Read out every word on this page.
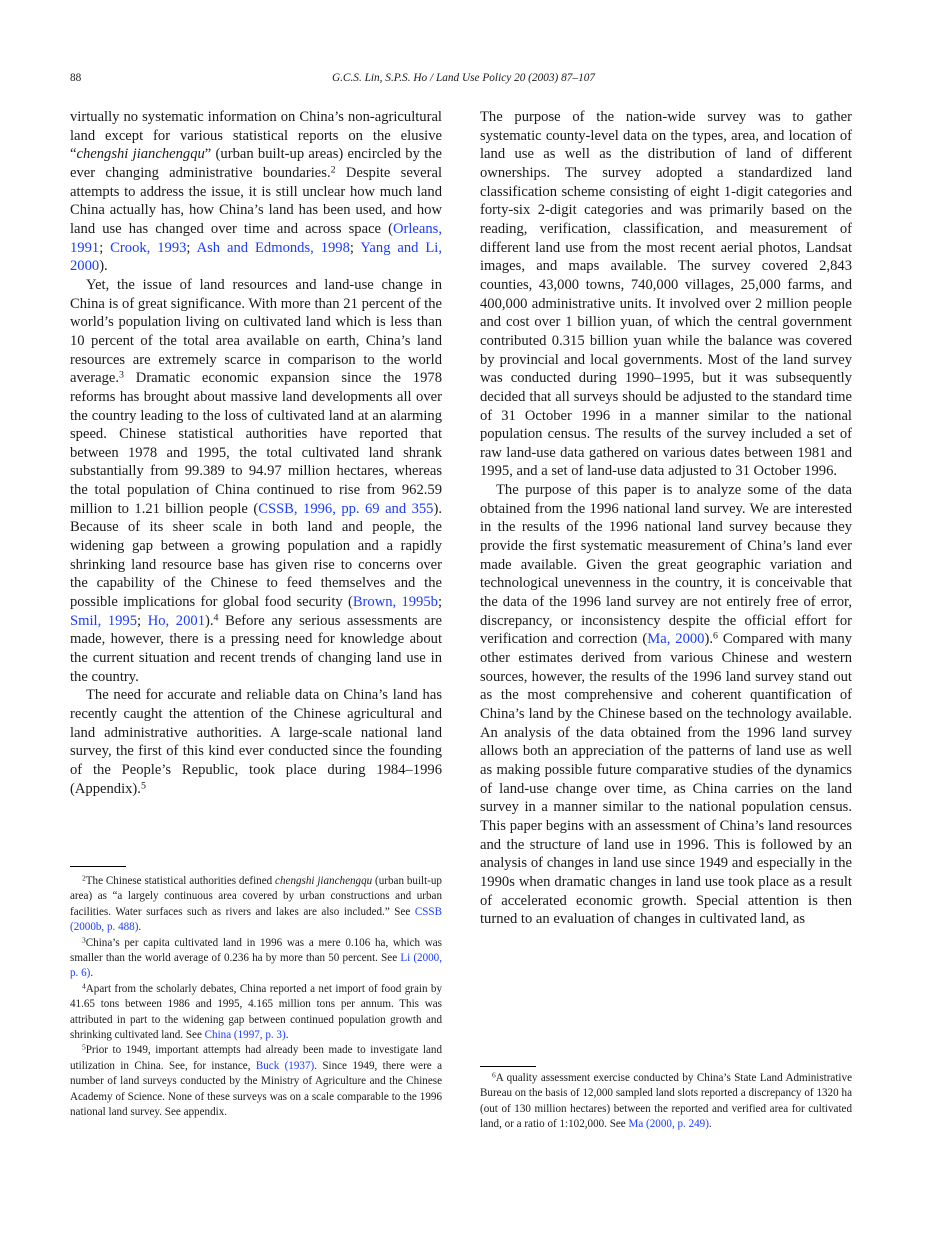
88	G.C.S. Lin, S.P.S. Ho / Land Use Policy 20 (2003) 87–107

virtually no systematic information on China’s non-agricultural land except for various statistical reports on the elusive “chengshi jianchengqu” (urban built-up areas) encircled by the ever changing administrative boundaries.$^2$ Despite several attempts to address the issue, it is still unclear how much land China actually has, how China’s land has been used, and how land use has changed over time and across space (Orleans, 1991; Crook, 1993; Ash and Edmonds, 1998; Yang and Li, 2000).

Yet, the issue of land resources and land-use change in China is of great significance. With more than 21 percent of the world’s population living on cultivated land which is less than 10 percent of the total area available on earth, China’s land resources are extremely scarce in comparison to the world average.$^3$ Dramatic economic expansion since the 1978 reforms has brought about massive land developments all over the country leading to the loss of cultivated land at an alarming speed. Chinese statistical authorities have reported that between 1978 and 1995, the total cultivated land shrank substantially from 99.389 to 94.97 million hectares, whereas the total population of China continued to rise from 962.59 million to 1.21 billion people (CSSB, 1996, pp. 69 and 355). Because of its sheer scale in both land and people, the widening gap between a growing population and a rapidly shrinking land resource base has given rise to concerns over the capability of the Chinese to feed themselves and the possible implications for global food security (Brown, 1995b; Smil, 1995; Ho, 2001).$^4$ Before any serious assessments are made, however, there is a pressing need for knowledge about the current situation and recent trends of changing land use in the country.

The need for accurate and reliable data on China’s land has recently caught the attention of the Chinese agricultural and land administrative authorities. A large-scale national land survey, the first of this kind ever conducted since the founding of the People’s Republic, took place during 1984–1996 (Appendix).$^5$

The purpose of the nation-wide survey was to gather systematic county-level data on the types, area, and location of land use as well as the distribution of land of different ownerships. The survey adopted a standardized land classification scheme consisting of eight 1-digit categories and forty-six 2-digit categories and was primarily based on the reading, verification, classification, and measurement of different land use from the most recent aerial photos, Landsat images, and maps available. The survey covered 2,843 counties, 43,000 towns, 740,000 villages, 25,000 farms, and 400,000 administrative units. It involved over 2 million people and cost over 1 billion yuan, of which the central government contributed 0.315 billion yuan while the balance was covered by provincial and local governments. Most of the land survey was conducted during 1990–1995, but it was subsequently decided that all surveys should be adjusted to the standard time of 31 October 1996 in a manner similar to the national population census. The results of the survey included a set of raw land-use data gathered on various dates between 1981 and 1995, and a set of land-use data adjusted to 31 October 1996.

The purpose of this paper is to analyze some of the data obtained from the 1996 national land survey. We are interested in the results of the 1996 national land survey because they provide the first systematic measurement of China’s land ever made available. Given the great geographic variation and technological unevenness in the country, it is conceivable that the data of the 1996 land survey are not entirely free of error, discrepancy, or inconsistency despite the official effort for verification and correction (Ma, 2000).$^6$ Compared with many other estimates derived from various Chinese and western sources, however, the results of the 1996 land survey stand out as the most comprehensive and coherent quantification of China’s land by the Chinese based on the technology available. An analysis of the data obtained from the 1996 land survey allows both an appreciation of the patterns of land use as well as making possible future comparative studies of the dynamics of land-use change over time, as China carries on the land survey in a manner similar to the national population census. This paper begins with an assessment of China’s land resources and the structure of land use in 1996. This is followed by an analysis of changes in land use since 1949 and especially in the 1990s when dramatic changes in land use took place as a result of accelerated economic growth. Special attention is then turned to an evaluation of changes in cultivated land, as

$^2$The Chinese statistical authorities defined chengshi jianchengqu (urban built-up area) as “a largely continuous area covered by urban constructions and urban facilities. Water surfaces such as rivers and lakes are also included.” See CSSB (2000b, p. 488).

$^3$China’s per capita cultivated land in 1996 was a mere 0.106 ha, which was smaller than the world average of 0.236 ha by more than 50 percent. See Li (2000, p. 6).

$^4$Apart from the scholarly debates, China reported a net import of food grain by 41.65 tons between 1986 and 1995, 4.165 million tons per annum. This was attributed in part to the widening gap between continued population growth and shrinking cultivated land. See China (1997, p. 3).

$^5$Prior to 1949, important attempts had already been made to investigate land utilization in China. See, for instance, Buck (1937). Since 1949, there were a number of land surveys conducted by the Ministry of Agriculture and the Chinese Academy of Science. None of these surveys was on a scale comparable to the 1996 national land survey. See appendix.

$^6$A quality assessment exercise conducted by China’s State Land Administrative Bureau on the basis of 12,000 sampled land slots reported a discrepancy of 1320 ha (out of 130 million hectares) between the reported and verified area for cultivated land, or a ratio of 1:102,000. See Ma (2000, p. 249).
